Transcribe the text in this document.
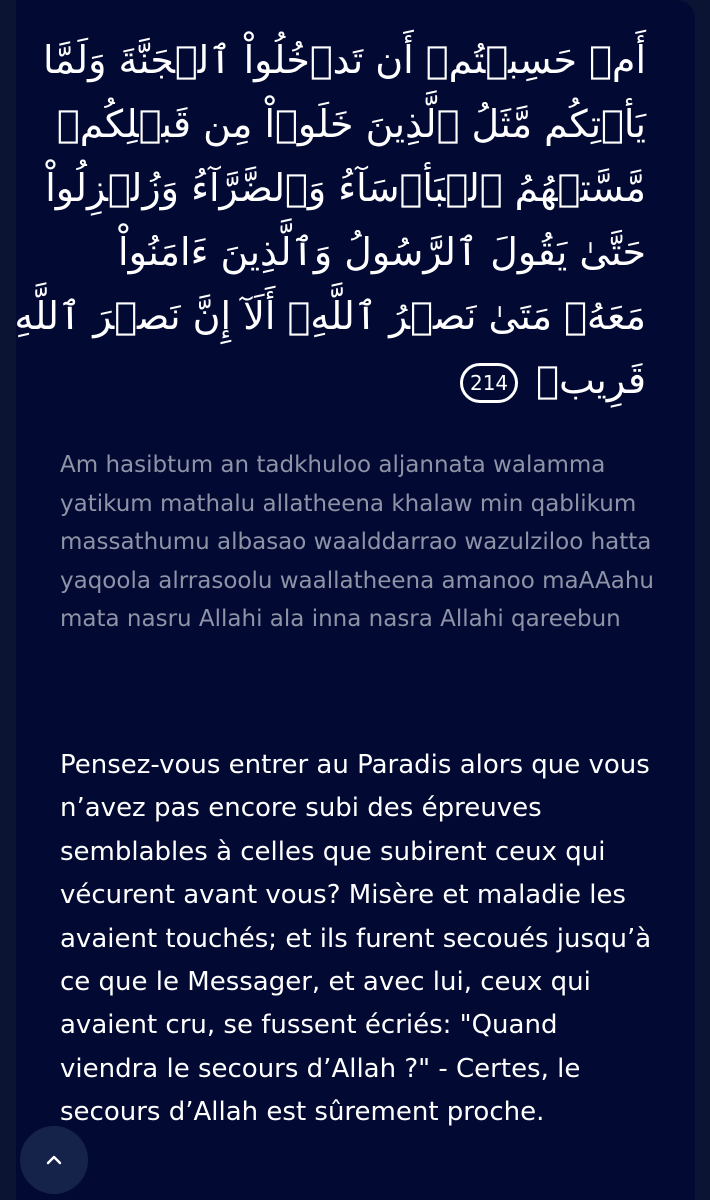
أَمۡ حَسِبۡتُمۡ أَن تَدۡخُلُواْ ٱلۡجَنَّةَ وَلَمَّا
يَأۡتِكُم مَّثَلُ ٱلَّذِينَ خَلَوۡاْ مِن قَبۡلِكُمۖ
مَّسَّتۡهُمُ ٱلۡبَأۡسَآءُ وَٱلضَّرَّآءُ وَزُلۡزِلُواْ
حَتَّىٰ يَقُولَ ٱلرَّسُولُ وَٱلَّذِينَ ءَامَنُواْ
مَعَهُۥ مَتَىٰ نَصۡرُ ٱللَّهِۗ أَلَآ إِنَّ نَصۡرَ ٱللَّهِ
قَرِيبٞ 214
Am hasibtum an tadkhuloo aljannata walamma yatikum mathalu allatheena khalaw min qablikum massathumu albasao waalddarrao wazulziloo hatta yaqoola alrrasoolu waallatheena amanoo maAAahu mata nasru Allahi ala inna nasra Allahi qareebun
Pensez-vous entrer au Paradis alors que vous n’avez pas encore subi des épreuves semblables à celles que subirent ceux qui vécurent avant vous? Misère et maladie les avaient touchés; et ils furent secoués jusqu’à ce que le Messager, et avec lui, ceux qui avaient cru, se fussent écriés: "Quand viendra le secours d’Allah ?" - Certes, le secours d’Allah est sûrement proche.
